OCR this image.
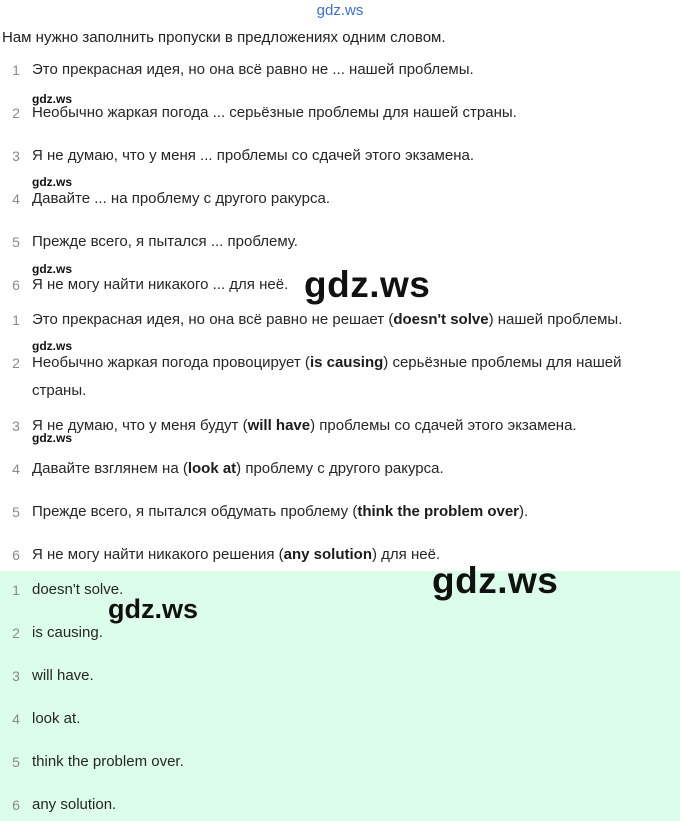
gdz.ws
Нам нужно заполнить пропуски в предложениях одним словом.
1 Это прекрасная идея, но она всё равно не ... нашей проблемы.
2 Необычно жаркая погода ... серьёзные проблемы для нашей страны.
3 Я не думаю, что у меня ... проблемы со сдачей этого экзамена.
4 Давайте ... на проблему с другого ракурса.
5 Прежде всего, я пытался ... проблему.
6 Я не могу найти никакого ... для неё.
1 Это прекрасная идея, но она всё равно не решает (doesn't solve) нашей проблемы.
2 Необычно жаркая погода провоцирует (is causing) серьёзные проблемы для нашей страны.
3 Я не думаю, что у меня будут (will have) проблемы со сдачей этого экзамена.
4 Давайте взглянем на (look at) проблему с другого ракурса.
5 Прежде всего, я пытался обдумать проблему (think the problem over).
6 Я не могу найти никакого решения (any solution) для неё.
1 doesn't solve.
2 is causing.
3 will have.
4 look at.
5 think the problem over.
6 any solution.
gdz.ws
gdz.ws
gdz.ws
gdz.ws
gdz.ws
gdz.ws
gdz.ws
gdz.ws
